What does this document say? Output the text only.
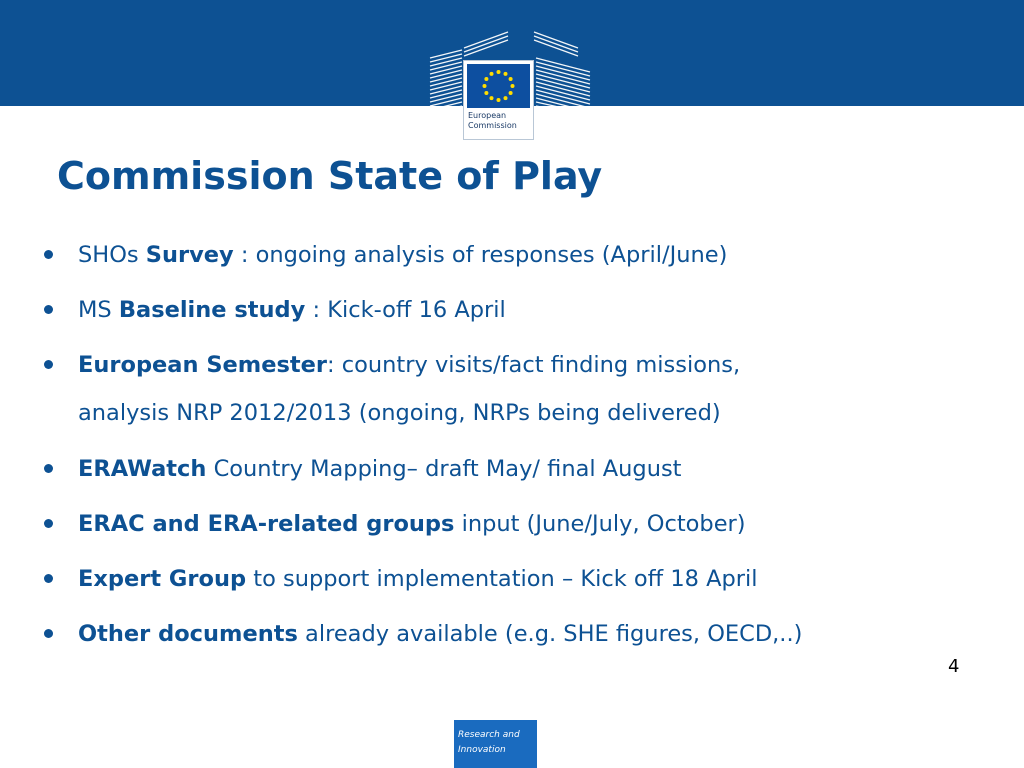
European
Commission
Commission State of Play
SHOs Survey : ongoing analysis of responses (April/June)
MS Baseline study : Kick-off 16 April
European Semester: country visits/fact finding missions,
analysis NRP 2012/2013 (ongoing, NRPs being delivered)
ERAWatch Country Mapping– draft May/ final August
ERAC and ERA-related groups input (June/July, October)
Expert Group to support implementation – Kick off 18 April
Other documents already available (e.g. SHE figures, OECD,..)
4
Research and
Innovation
